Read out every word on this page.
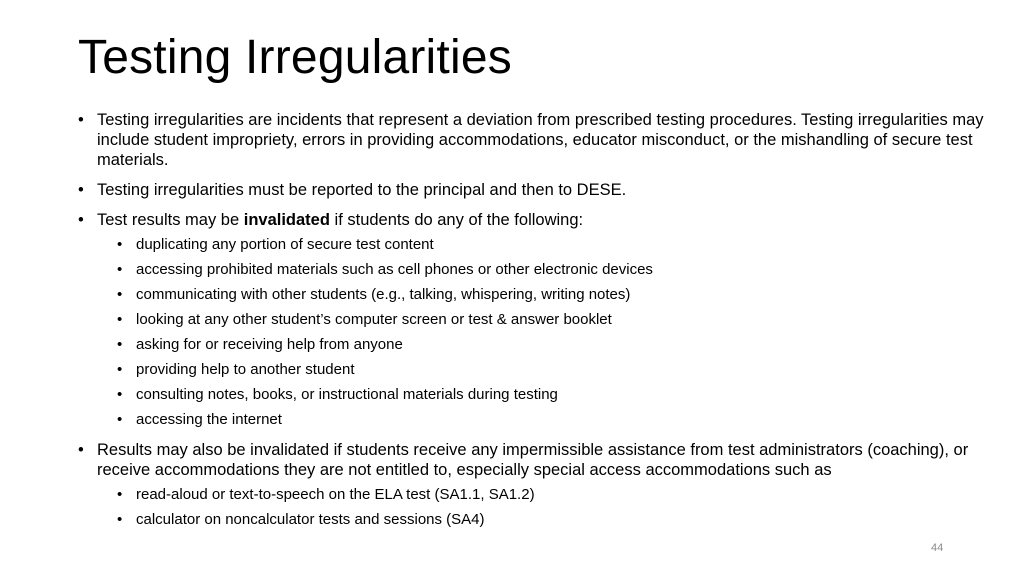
Testing Irregularities
• Testing irregularities are incidents that represent a deviation from prescribed testing procedures. Testing irregularities may include student impropriety, errors in providing accommodations, educator misconduct, or the mishandling of secure test materials.
• Testing irregularities must be reported to the principal and then to DESE.
• Test results may be invalidated if students do any of the following:
• duplicating any portion of secure test content
• accessing prohibited materials such as cell phones or other electronic devices
• communicating with other students (e.g., talking, whispering, writing notes)
• looking at any other student’s computer screen or test & answer booklet
• asking for or receiving help from anyone
• providing help to another student
• consulting notes, books, or instructional materials during testing
• accessing the internet
• Results may also be invalidated if students receive any impermissible assistance from test administrators (coaching), or receive accommodations they are not entitled to, especially special access accommodations such as
• read-aloud or text-to-speech on the ELA test (SA1.1, SA1.2)
• calculator on noncalculator tests and sessions (SA4)
44
